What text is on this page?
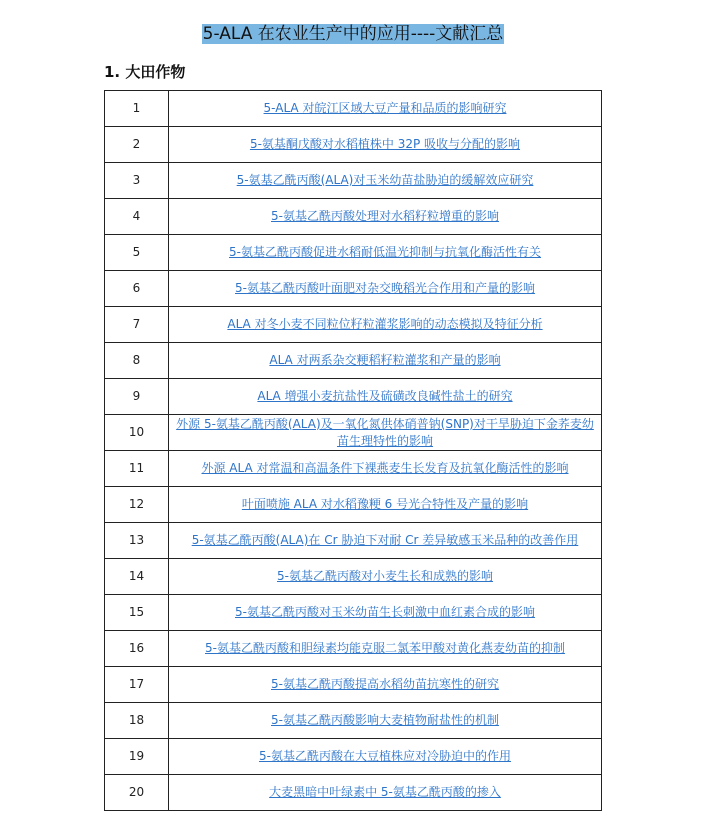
5-ALA 在农业生产中的应用----文献汇总
1. 大田作物
1	5-ALA 对皖江区域大豆产量和品质的影响研究
2	5-氨基酮戊酸对水稻植株中 32P 吸收与分配的影响
3	5-氨基乙酰丙酸(ALA)对玉米幼苗盐胁迫的缓解效应研究
4	5-氨基乙酰丙酸处理对水稻籽粒增重的影响
5	5-氨基乙酰丙酸促进水稻耐低温光抑制与抗氧化酶活性有关
6	5-氨基乙酰丙酸叶面肥对杂交晚稻光合作用和产量的影响
7	ALA 对冬小麦不同粒位籽粒灌浆影响的动态模拟及特征分析
8	ALA 对两系杂交粳稻籽粒灌浆和产量的影响
9	ALA 增强小麦抗盐性及硫磺改良碱性盐土的研究
10	外源 5-氨基乙酰丙酸(ALA)及一氧化氮供体硝普钠(SNP)对干旱胁迫下金荞麦幼苗生理特性的影响
11	外源 ALA 对常温和高温条件下裸燕麦生长发育及抗氧化酶活性的影响
12	叶面喷施 ALA 对水稻豫粳 6 号光合特性及产量的影响
13	5-氨基乙酰丙酸(ALA)在 Cr 胁迫下对耐 Cr 差异敏感玉米品种的改善作用
14	5-氨基乙酰丙酸对小麦生长和成熟的影响
15	5-氨基乙酰丙酸对玉米幼苗生长刺激中血红素合成的影响
16	5-氨基乙酰丙酸和胆绿素均能克服二氯苯甲酸对黄化燕麦幼苗的抑制
17	5-氨基乙酰丙酸提高水稻幼苗抗寒性的研究
18	5-氨基乙酰丙酸影响大麦植物耐盐性的机制
19	5-氨基乙酰丙酸在大豆植株应对冷胁迫中的作用
20	大麦黑暗中叶绿素中 5-氨基乙酰丙酸的掺入
